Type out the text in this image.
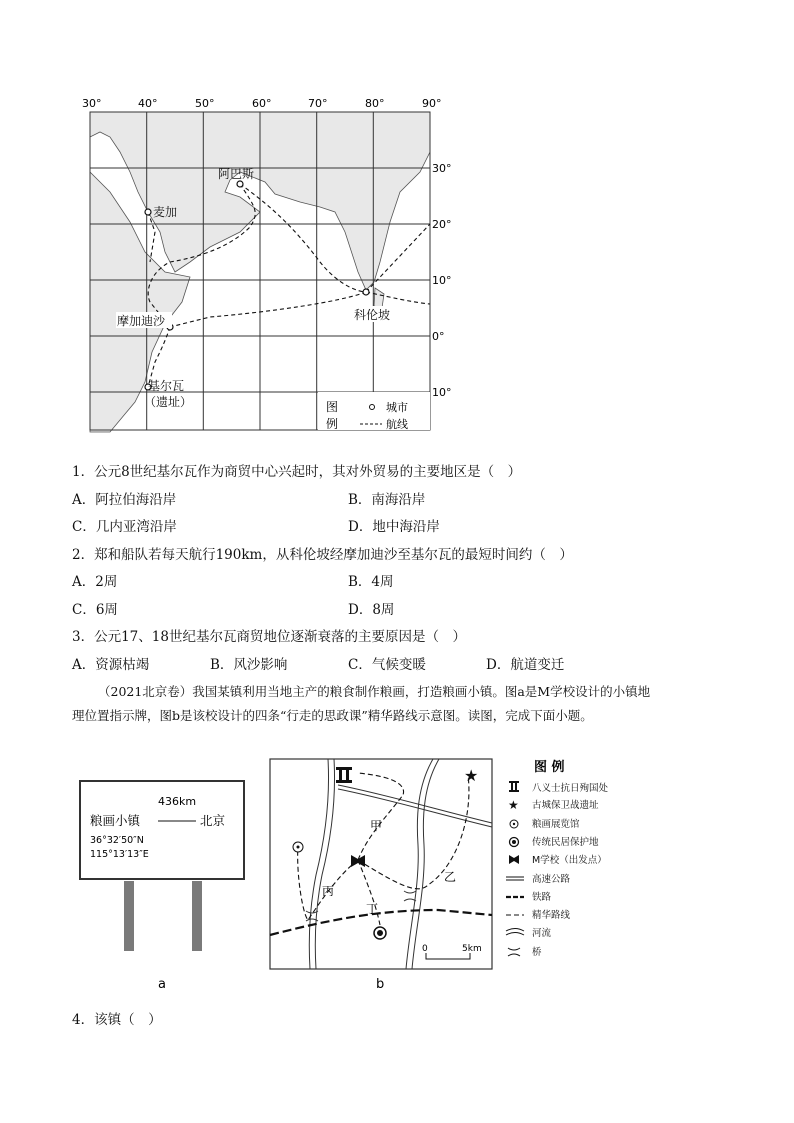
30°	40°	50°	60°	70°	80°	90°
30°
20°
10°
0°
10°
阿巴斯
麦加
摩加迪沙	科伦坡
基尔瓦
（遗址）	图
例
城市
航线
1．公元8世纪基尔瓦作为商贸中心兴起时，其对外贸易的主要地区是（　）
A．阿拉伯海沿岸	B．南海沿岸
C．几内亚湾沿岸	D．地中海沿岸
2．郑和船队若每天航行190km，从科伦坡经摩加迪沙至基尔瓦的最短时间约（　）
A．2周	B．4周
C．6周	D．8周
3．公元17、18世纪基尔瓦商贸地位逐渐衰落的主要原因是（　）
A．资源枯竭	B．风沙影响	C．气候变暖	D．航道变迁
（2021北京卷）我国某镇利用当地主产的粮食制作粮画，打造粮画小镇。图a是M学校设计的小镇地
理位置指示牌，图b是该校设计的四条“行走的思政课”精华路线示意图。读图，完成下面小题。
436km
粮画小镇	北京
36°32′50″N
115°13′13″E
a
★
甲
乙
丙
丁
0	5km
b
图 例
★
八义士抗日殉国处
古城保卫战遗址
粮画展览馆
传统民居保护地
M学校（出发点）
高速公路
铁路
精华路线
河流
桥
4．该镇（　）
